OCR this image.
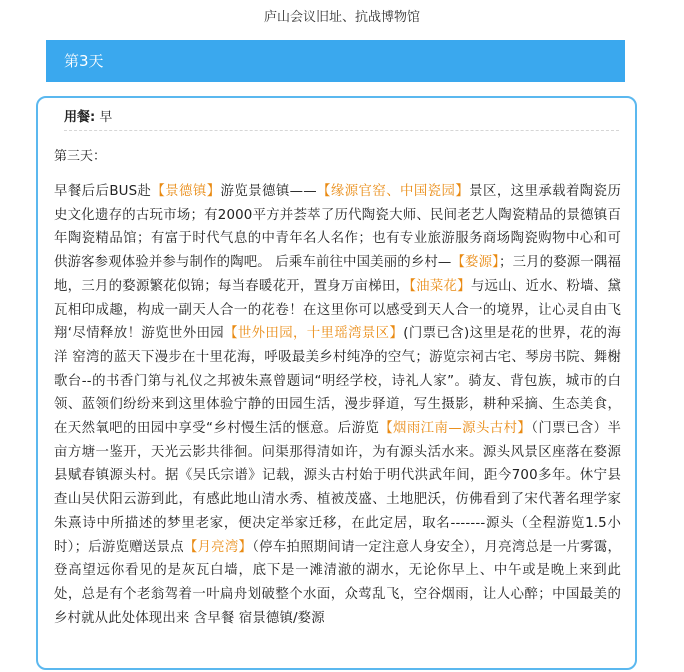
庐山会议旧址、抗战博物馆
第3天
用餐: 早
第三天：
早餐后后BUS赴【景德镇】游览景德镇——【缘源官窑、中国瓷园】景区，这里承载着陶瓷历史文化遗存的古玩市场；有2000平方并荟萃了历代陶瓷大师、民间老艺人陶瓷精品的景德镇百年陶瓷精品馆；有富于时代气息的中青年名人名作；也有专业旅游服务商场陶瓷购物中心和可供游客参观体验并参与制作的陶吧。 后乘车前往中国美丽的乡村—【婺源】；三月的婺源一隅福地，三月的婺源繁花似锦；每当春暖花开，置身万亩梯田，【油菜花】与远山、近水、粉墙、黛瓦相印成趣，构成一副天人合一的花卷！在这里你可以感受到天人合一的境界，让心灵自由飞翔‘尽情释放！游览世外田园【世外田园，十里瑶湾景区】(门票已含)这里是花的世界，花的海洋 窑湾的蓝天下漫步在十里花海，呼吸最美乡村纯净的空气；游览宗祠古宅、琴房书院、舞榭歌台--的书香门第与礼仪之邦被朱熹曾题词“明经学校，诗礼人家”。骑友、背包族，城市的白领、蓝领们纷纷来到这里体验宁静的田园生活，漫步驿道，写生摄影，耕种采摘、生态美食，在天然氧吧的田园中享受“乡村慢生活的惬意。后游览【烟雨江南—源头古村】（门票已含）半亩方塘一鉴开，天光云影共徘徊。问渠那得清如许，为有源头活水来。源头风景区座落在婺源县赋春镇源头村。据《吴氏宗谱》记载，源头古村始于明代洪武年间，距今700多年。休宁县查山吴伏阳云游到此，有感此地山清水秀、植被茂盛、土地肥沃，仿佛看到了宋代著名理学家朱熹诗中所描述的梦里老家，便决定举家迁移，在此定居，取名-------源头（全程游览1.5小时）；后游览赠送景点【月亮湾】（停车拍照期间请一定注意人身安全），月亮湾总是一片雾霭，登高望远你看见的是灰瓦白墙，底下是一滩清澈的湖水，无论你早上、中午或是晚上来到此处，总是有个老翁驾着一叶扁舟划破整个水面，众莺乱飞，空谷烟雨，让人心醉；中国最美的乡村就从此处体现出来 含早餐 宿景德镇/婺源
